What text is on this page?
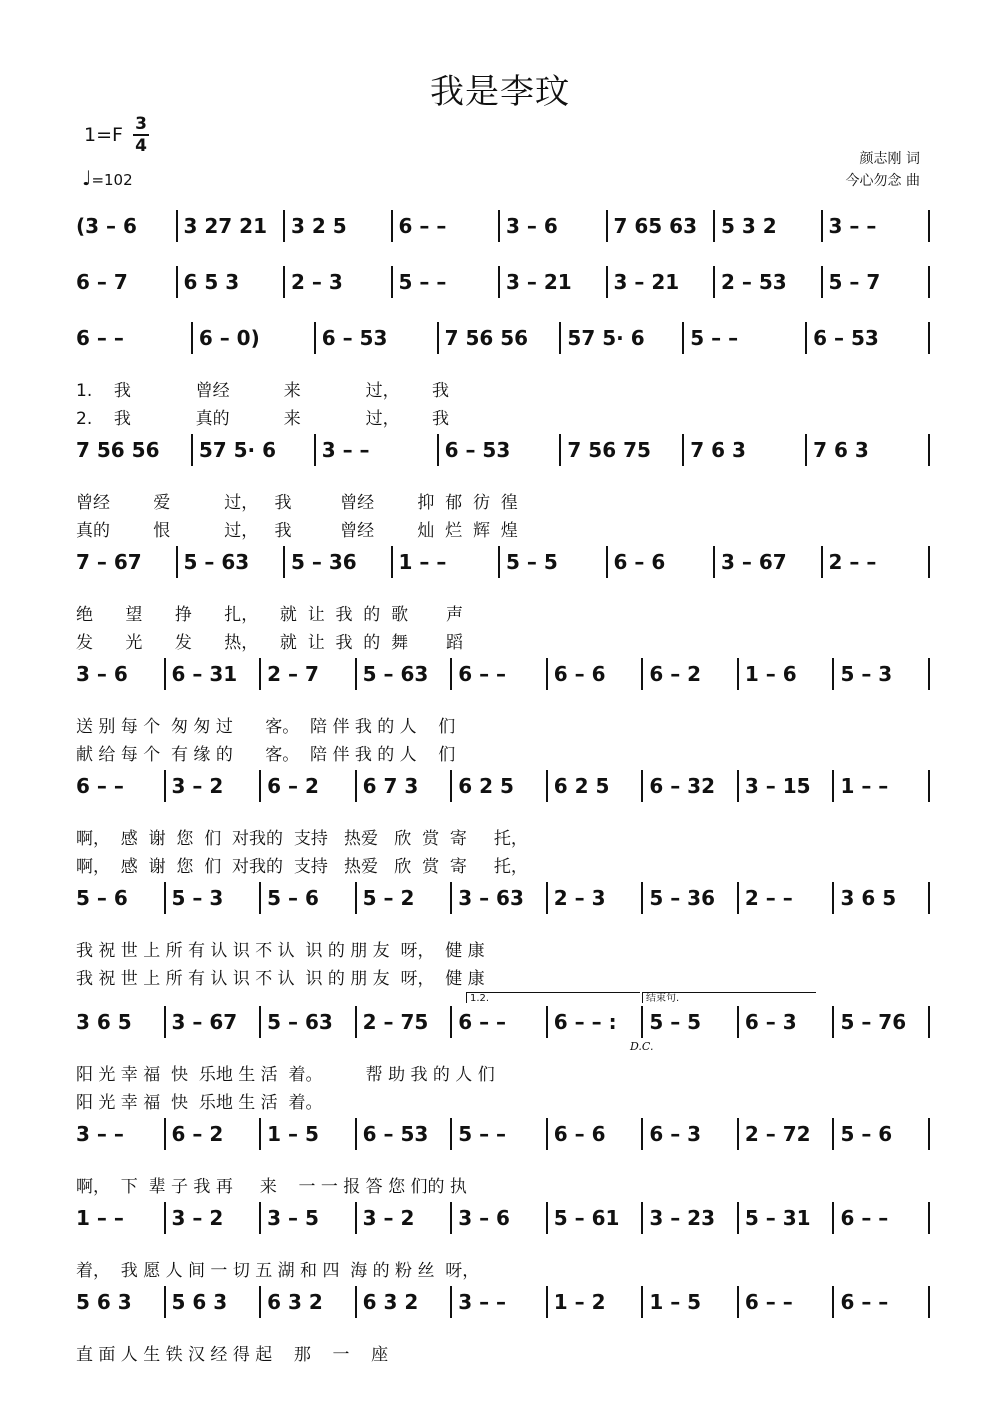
我是李玟
1=F 3
4
♩=102
颜志刚 词
今心勿念 曲
(3 – 6	3 27 21	3 2 5	6 – –	3 – 6	7 65 63	5 3 2	3 – –
6 – 7	6 5 3	2 – 3	5 – –	3 – 21	3 – 21	2 – 53	5 – 7
6 – –	6 – 0)	6 – 53	7 56 56	57 5· 6	5 – –	6 – 53
1.    我            曾经          来            过，      我
2.    我            真的          来            过，      我
7 56 56	57 5· 6	3 – –	6 – 53	7 56 75	7 6 3	7 6 3
曾经        爱          过，   我         曾经        抑  郁  彷  徨
真的        恨          过，   我         曾经        灿  烂  辉  煌
7 – 67	5 – 63	5 – 36	1 – –	5 – 5	6 – 6	3 – 67	2 – –
绝      望      挣      扎，    就  让  我  的  歌       声
发      光      发      热，    就  让  我  的  舞       蹈
3 – 6	6 – 31	2 – 7	5 – 63	6 – –	6 – 6	6 – 2	1 – 6	5 – 3
送 别 每 个  匆 匆 过      客。  陪 伴 我 的 人    们
献 给 每 个  有 缘 的      客。  陪 伴 我 的 人    们
6 – –	3 – 2	6 – 2	6 7 3	6 2 5	6 2 5	6 – 32	3 – 15	1 – –
啊，  感  谢  您  们  对我的  支持   热爱   欣  赏  寄     托，
啊，  感  谢  您  们  对我的  支持   热爱   欣  赏  寄     托，
5 – 6	5 – 3	5 – 6	5 – 2	3 – 63	2 – 3	5 – 36	2 – –	3 6 5
我 祝 世 上 所 有 认 识 不 认  识 的 朋 友  呀，  健 康
我 祝 世 上 所 有 认 识 不 认  识 的 朋 友  呀，  健 康
3 6 5	3 – 67	5 – 63	2 – 75	6 – –	6 – – :	5 – 5	6 – 3	5 – 76
阳 光 幸 福  快  乐地 生 活  着。        帮 助 我 的 人 们
阳 光 幸 福  快  乐地 生 活  着。
3 – –	6 – 2	1 – 5	6 – 53	5 – –	6 – 6	6 – 3	2 – 72	5 – 6
啊，  下  辈 子 我 再     来    一 一 报 答 您 们的 执
1 – –	3 – 2	3 – 5	3 – 2	3 – 6	5 – 61	3 – 23	5 – 31	6 – –
着，  我 愿 人 间 一 切 五 湖 和 四  海 的 粉 丝  呀，
5 6 3	5 6 3	6 3 2	6 3 2	3 – –	1 – 2	1 – 5	6 – –	6 – –
直 面 人 生 铁 汉 经 得 起    那    一    座
1.2.	结束句.
D.C.
